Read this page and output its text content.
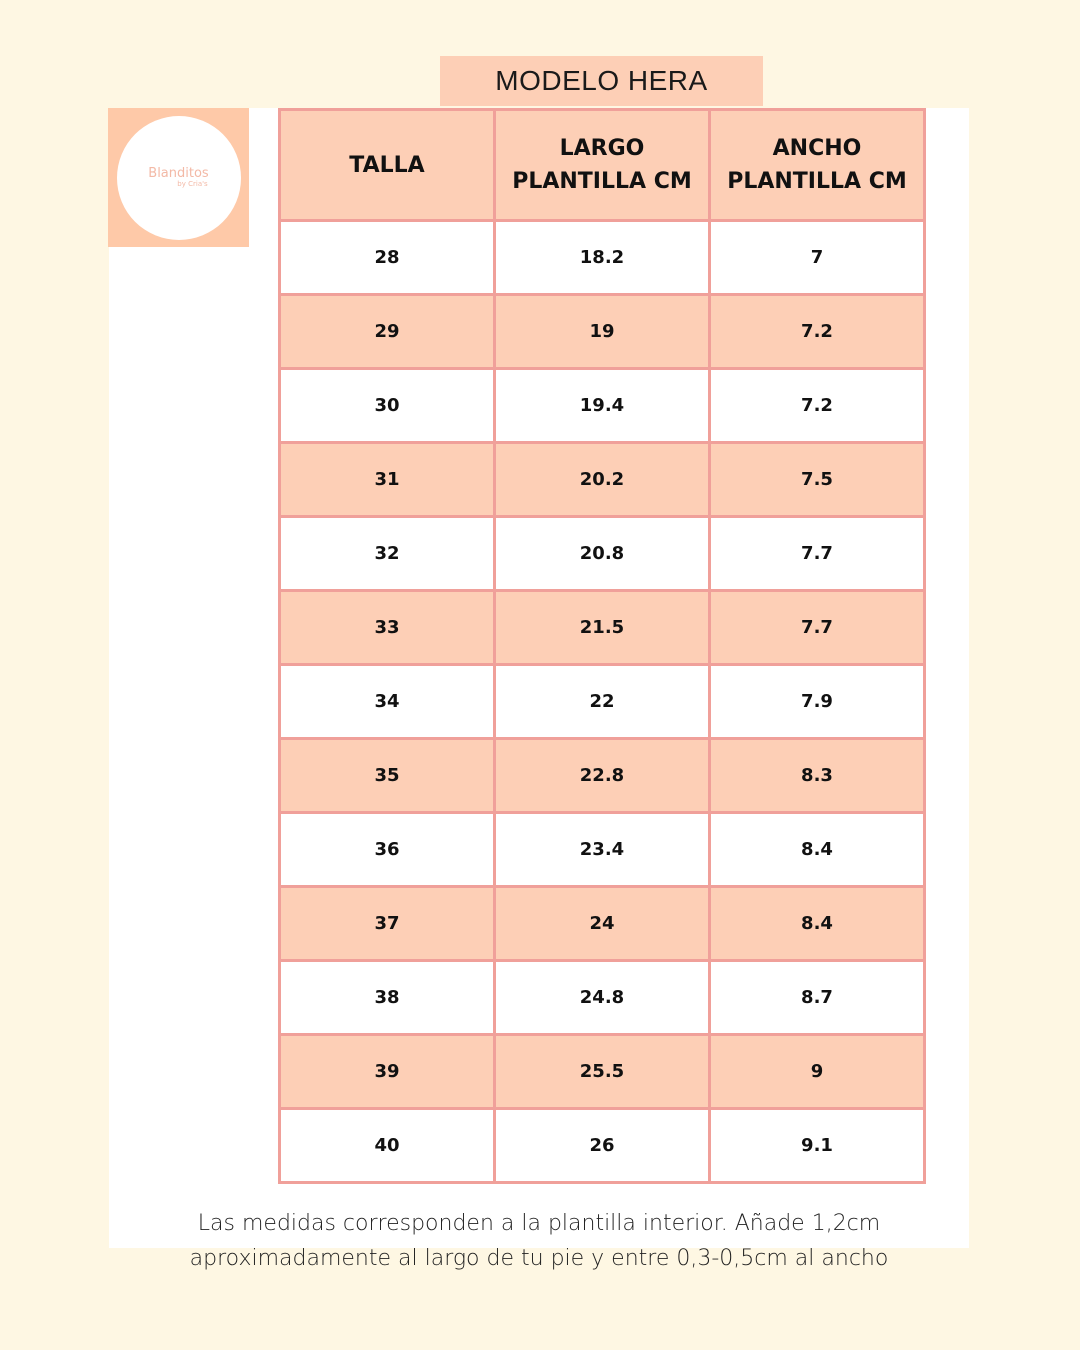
MODELO HERA
Blanditos
by Cria's
TALLA	LARGO PLANTILLA CM	ANCHO PLANTILLA CM
28	18.2	7
29	19	7.2
30	19.4	7.2
31	20.2	7.5
32	20.8	7.7
33	21.5	7.7
34	22	7.9
35	22.8	8.3
36	23.4	8.4
37	24	8.4
38	24.8	8.7
39	25.5	9
40	26	9.1
Las medidas corresponden a la plantilla interior. Añade 1,2cm
aproximadamente al largo de tu pie y entre 0,3-0,5cm al ancho
